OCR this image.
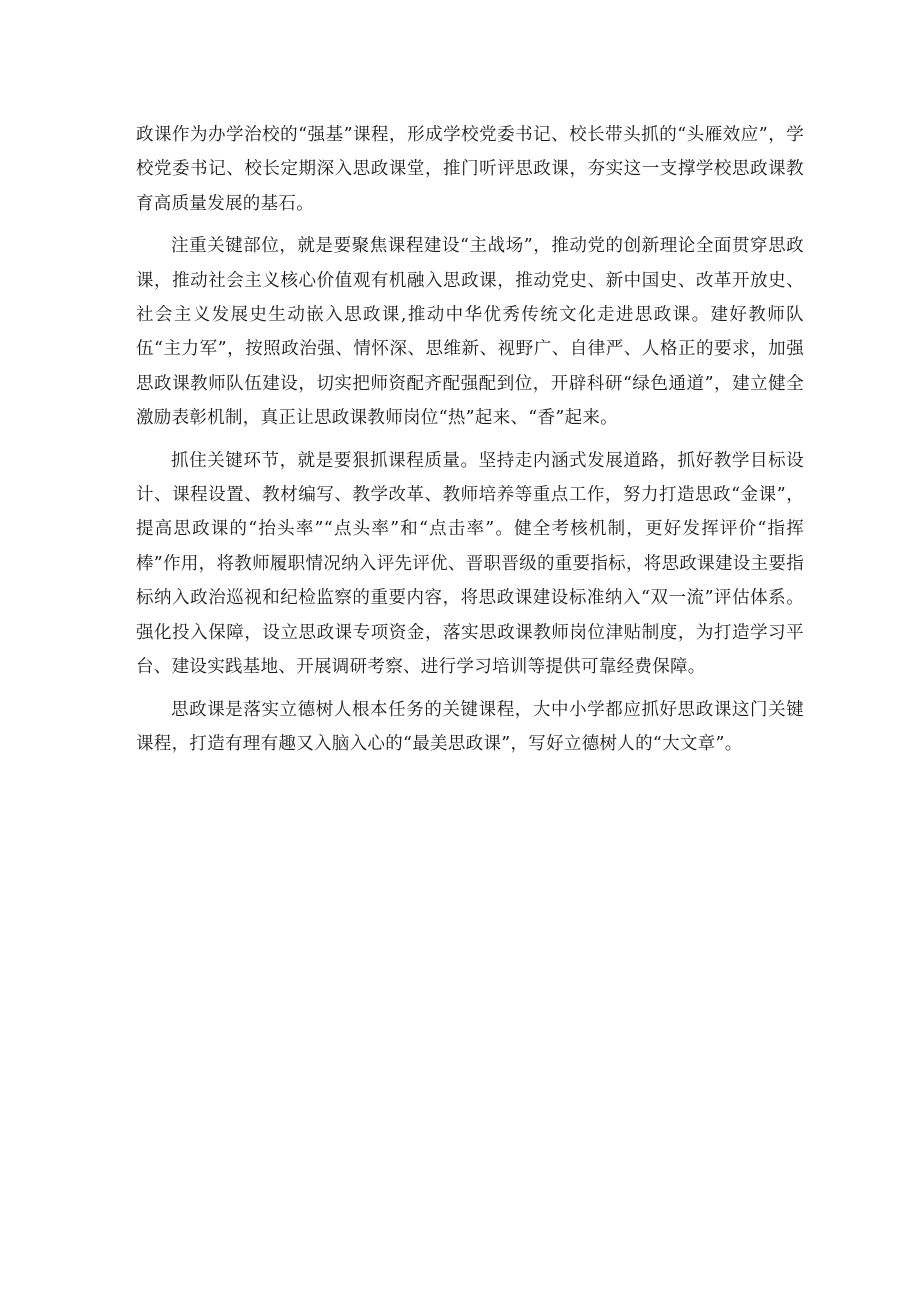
政课作为办学治校的“强基”课程，形成学校党委书记、校长带头抓的“头雁效应”，学校党委书记、校长定期深入思政课堂，推门听评思政课，夯实这一支撑学校思政课教育高质量发展的基石。

注重关键部位，就是要聚焦课程建设“主战场”，推动党的创新理论全面贯穿思政课，推动社会主义核心价值观有机融入思政课，推动党史、新中国史、改革开放史、社会主义发展史生动嵌入思政课,推动中华优秀传统文化走进思政课。建好教师队伍“主力军”，按照政治强、情怀深、思维新、视野广、自律严、人格正的要求，加强思政课教师队伍建设，切实把师资配齐配强配到位，开辟科研“绿色通道”，建立健全激励表彰机制，真正让思政课教师岗位“热”起来、“香”起来。

抓住关键环节，就是要狠抓课程质量。坚持走内涵式发展道路，抓好教学目标设计、课程设置、教材编写、教学改革、教师培养等重点工作，努力打造思政“金课”，提高思政课的“抬头率”“点头率”和“点击率”。健全考核机制，更好发挥评价“指挥棒”作用，将教师履职情况纳入评先评优、晋职晋级的重要指标，将思政课建设主要指标纳入政治巡视和纪检监察的重要内容，将思政课建设标准纳入“双一流”评估体系。强化投入保障，设立思政课专项资金，落实思政课教师岗位津贴制度，为打造学习平台、建设实践基地、开展调研考察、进行学习培训等提供可靠经费保障。

思政课是落实立德树人根本任务的关键课程，大中小学都应抓好思政课这门关键课程，打造有理有趣又入脑入心的“最美思政课”，写好立德树人的“大文章”。
